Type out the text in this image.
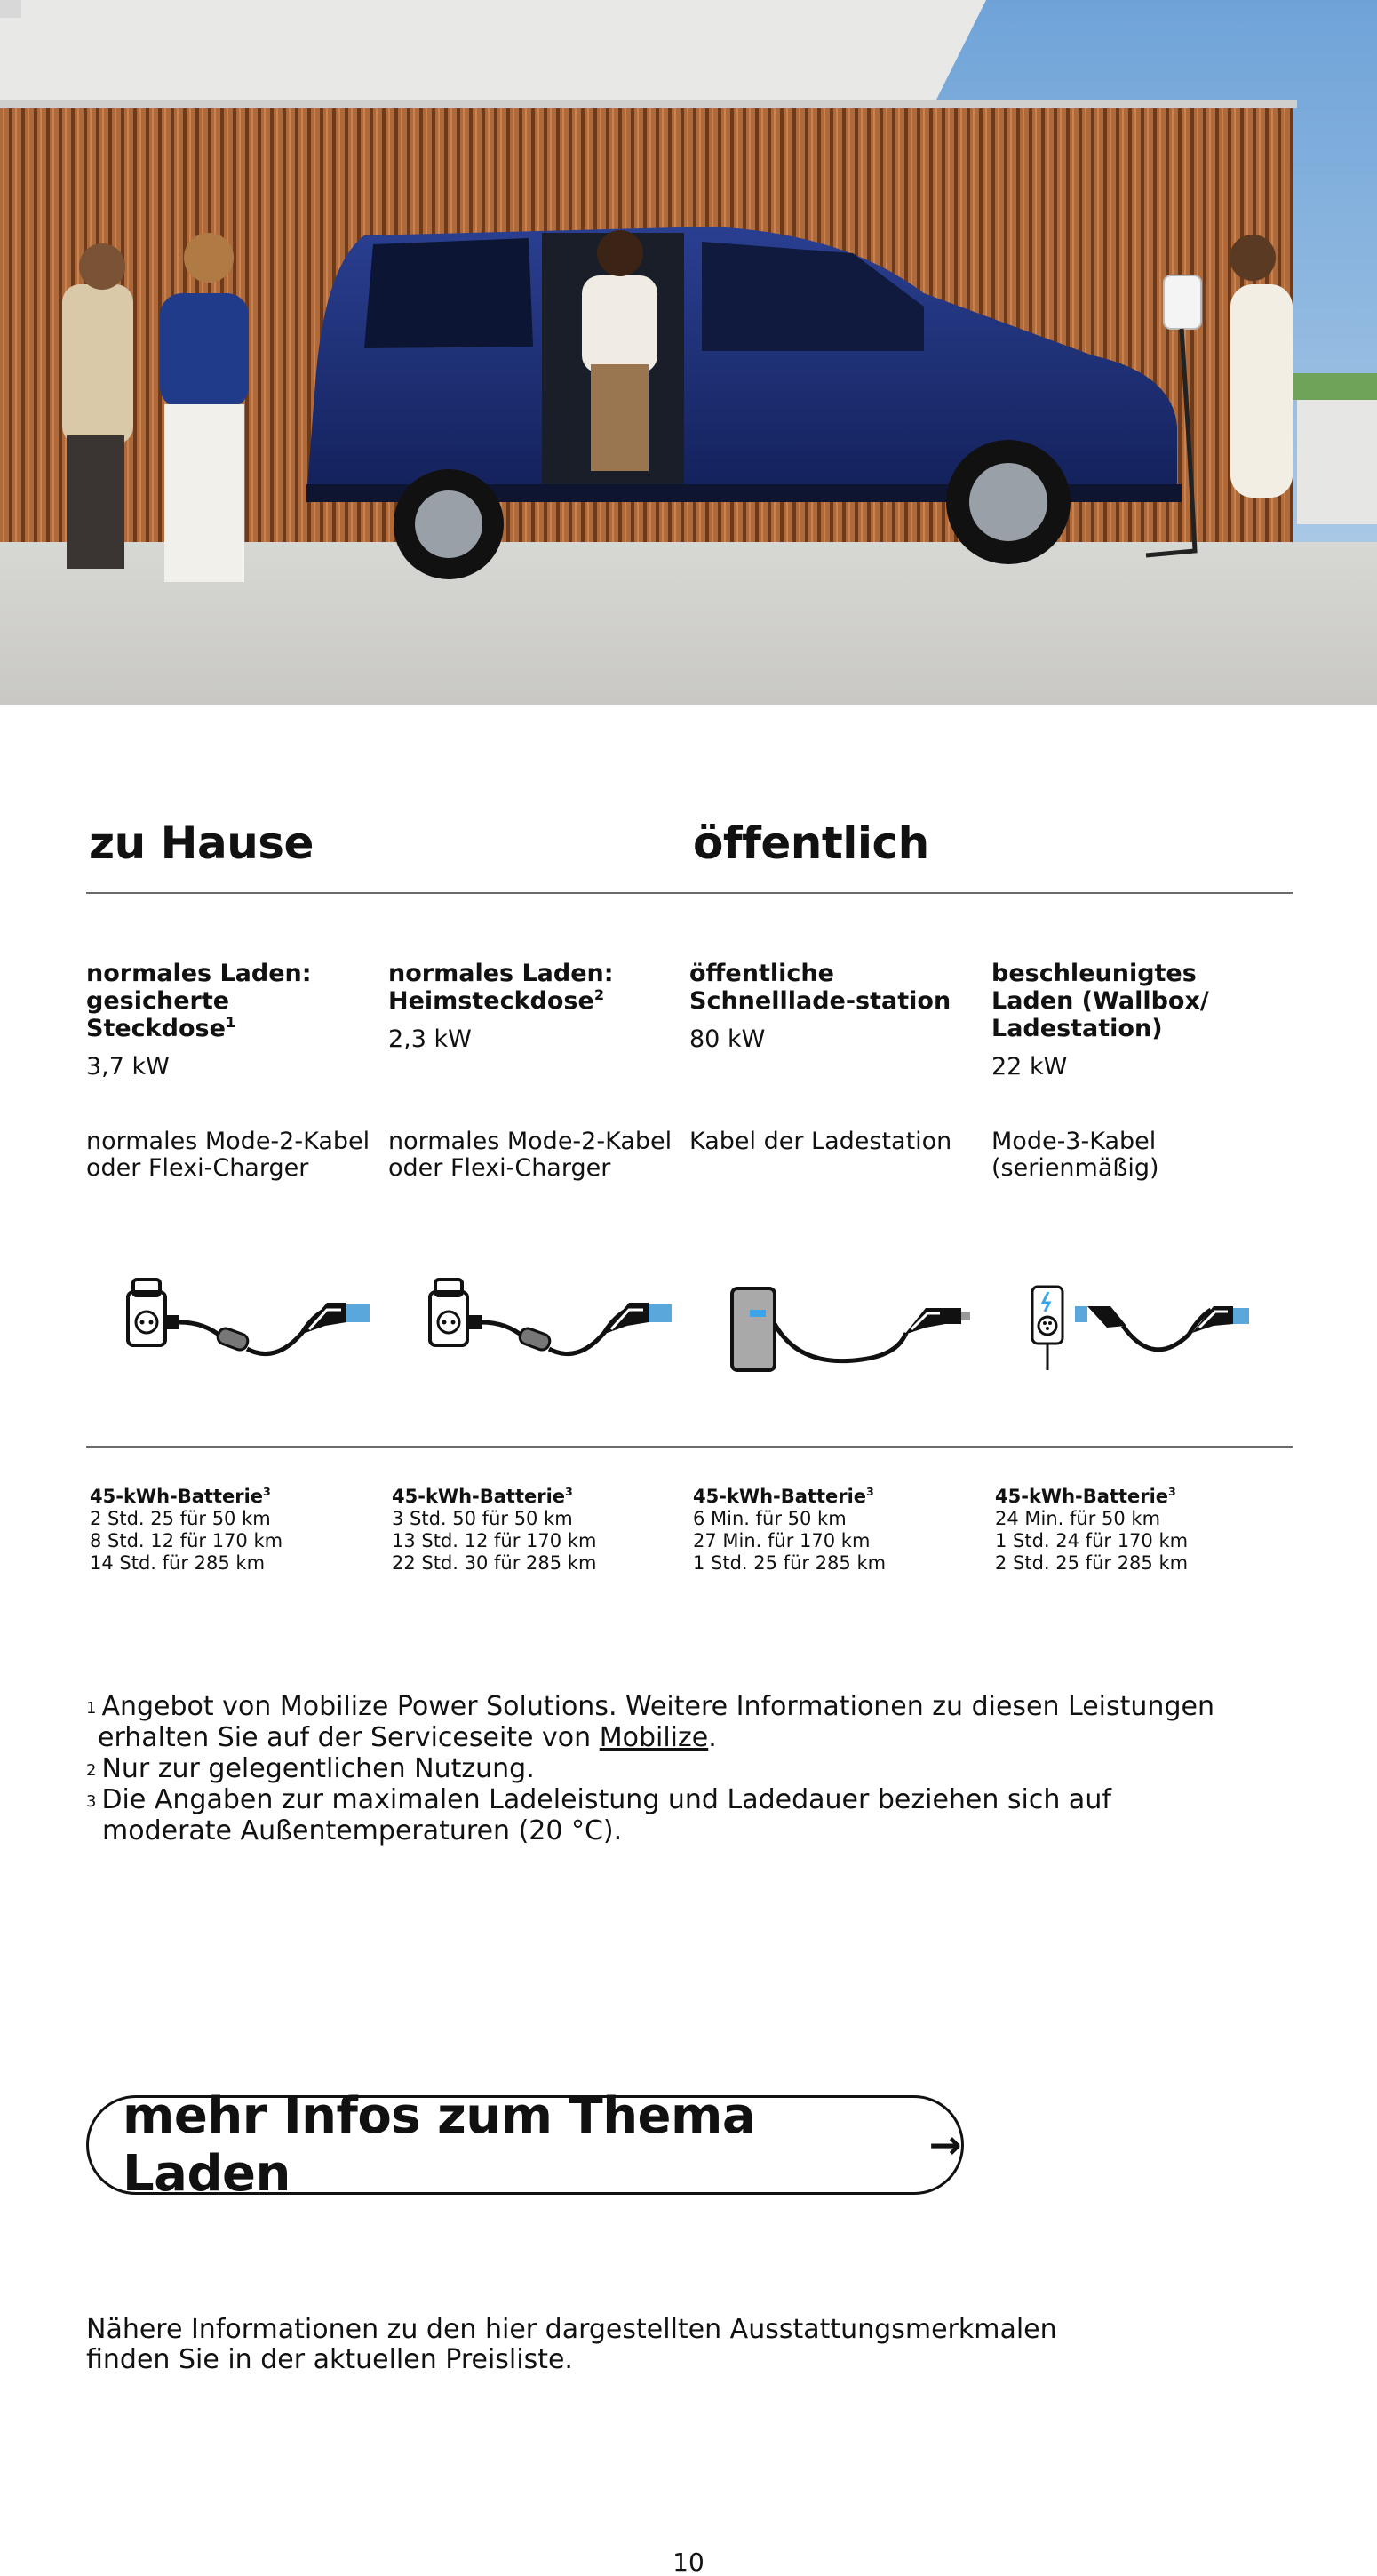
zu Hause	öffentlich
normales Laden: gesicherte Steckdose$^1$
3,7 kW
normales Mode-2-Kabel oder Flexi-Charger
normales Laden: Heimsteckdose$^2$
2,3 kW
normales Mode-2-Kabel oder Flexi-Charger
öffentliche Schnelllade-station
80 kW
Kabel der Ladestation
beschleunigtes Laden (Wallbox/ Ladestation)
22 kW
Mode-3-Kabel (serienmäßig)
45-kWh-Batterie$^3$
2 Std. 25 für 50 km
8 Std. 12 für 170 km
14 Std. für 285 km
45-kWh-Batterie$^3$
3 Std. 50 für 50 km
13 Std. 12 für 170 km
22 Std. 30 für 285 km
45-kWh-Batterie$^3$
6 Min. für 50 km
27 Min. für 170 km
1 Std. 25 für 285 km
45-kWh-Batterie$^3$
24 Min. für 50 km
1 Std. 24 für 170 km
2 Std. 25 für 285 km
$^1$ Angebot von Mobilize Power Solutions. Weitere Informationen zu diesen Leistungen
erhalten Sie auf der Serviceseite von Mobilize.
$^2$ Nur zur gelegentlichen Nutzung.
$^3$ Die Angaben zur maximalen Ladeleistung und Ladedauer beziehen sich auf
moderate Außentemperaturen (20 °C).
mehr Infos zum Thema Laden	→
Nähere Informationen zu den hier dargestellten Ausstattungsmerkmalen
finden Sie in der aktuellen Preisliste.
10
